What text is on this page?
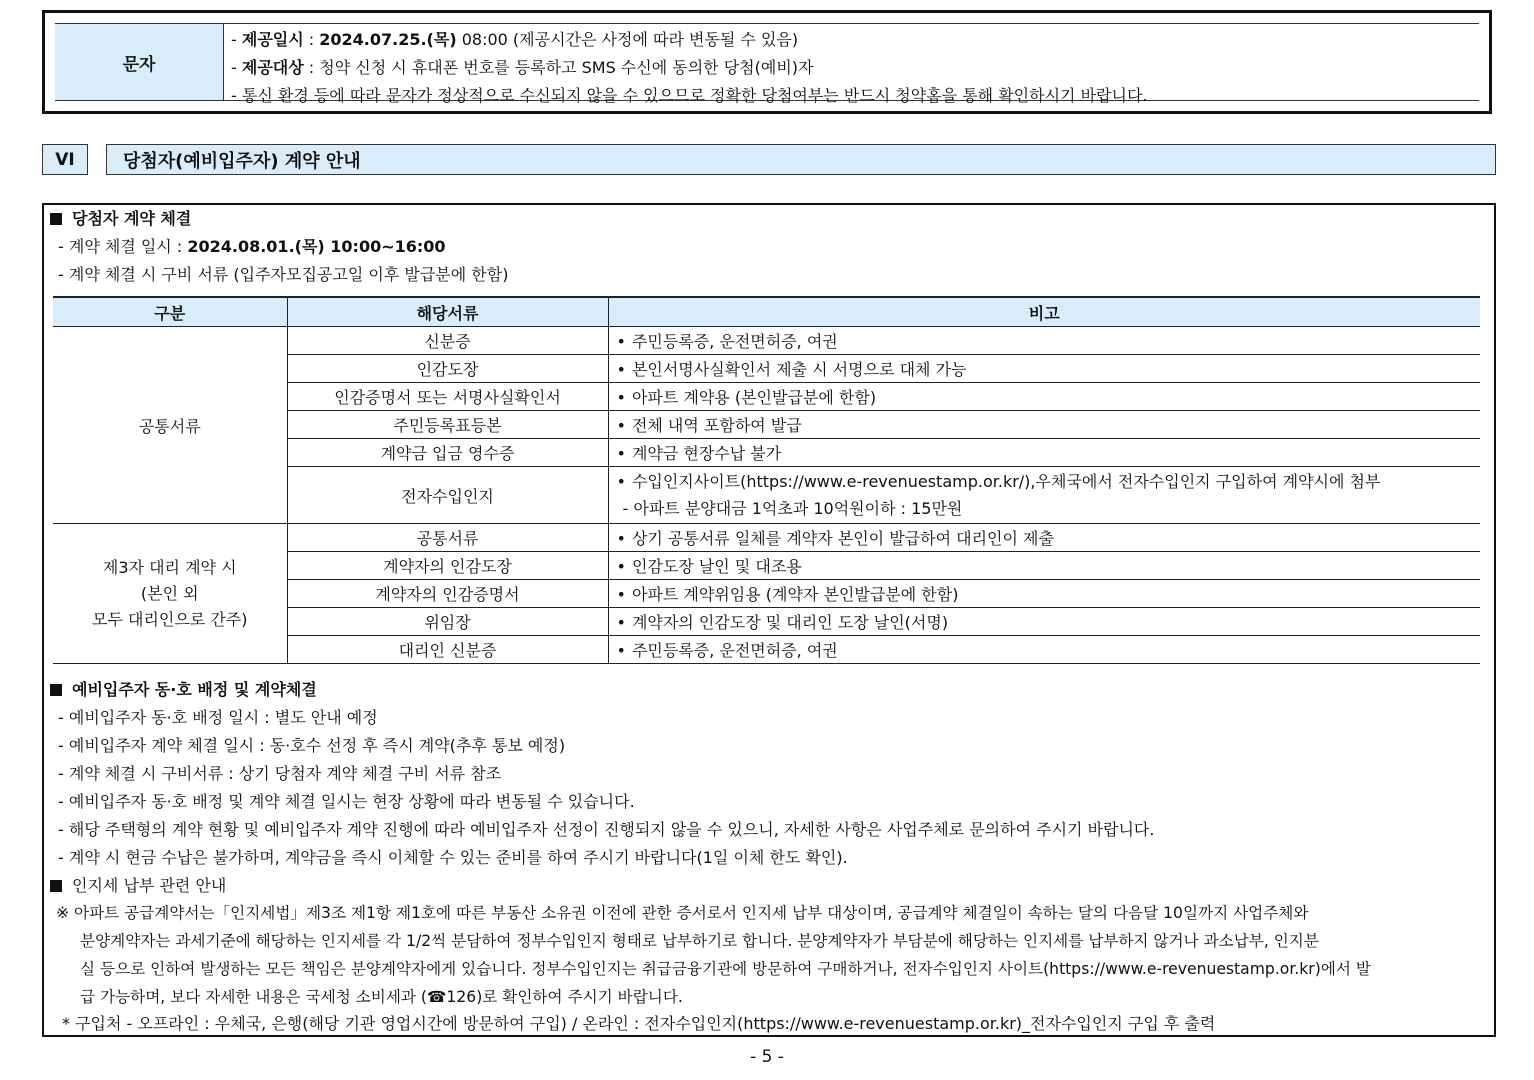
문자
- 제공일시 : 2024.07.25.(목) 08:00 (제공시간은 사정에 따라 변동될 수 있음)
- 제공대상 : 청약 신청 시 휴대폰 번호를 등록하고 SMS 수신에 동의한 당첨(예비)자
- 통신 환경 등에 따라 문자가 정상적으로 수신되지 않을 수 있으므로 정확한 당첨여부는 반드시 청약홈을 통해 확인하시기 바랍니다.
VI	당첨자(예비입주자) 계약 안내
당첨자 계약 체결
- 계약 체결 일시 : 2024.08.01.(목) 10:00~16:00
- 계약 체결 시 구비 서류 (입주자모집공고일 이후 발급분에 한함)
구분	해당서류	비고
공통서류	신분증	• 주민등록증, 운전면허증, 여권
	인감도장	• 본인서명사실확인서 제출 시 서명으로 대체 가능
	인감증명서 또는 서명사실확인서	• 아파트 계약용 (본인발급분에 한함)
	주민등록표등본	• 전체 내역 포함하여 발급
	계약금 입금 영수증	• 계약금 현장수납 불가
	전자수입인지	• 수입인지사이트(https://www.e-revenuestamp.or.kr/),우체국에서 전자수입인지 구입하여 계약시에 첨부
- 아파트 분양대금 1억초과 10억원이하 : 15만원

제3자 대리 계약 시
(본인 외
모두 대리인으로 간주)	공통서류	• 상기 공통서류 일체를 계약자 본인이 발급하여 대리인이 제출
	계약자의 인감도장	• 인감도장 날인 및 대조용
	계약자의 인감증명서	• 아파트 계약위임용 (계약자 본인발급분에 한함)
	위임장	• 계약자의 인감도장 및 대리인 도장 날인(서명)
	대리인 신분증	• 주민등록증, 운전면허증, 여권
예비입주자 동·호 배정 및 계약체결
- 예비입주자 동·호 배정 일시 : 별도 안내 예정
- 예비입주자 계약 체결 일시 : 동·호수 선정 후 즉시 계약(추후 통보 예정)
- 계약 체결 시 구비서류 : 상기 당첨자 계약 체결 구비 서류 참조
- 예비입주자 동·호 배정 및 계약 체결 일시는 현장 상황에 따라 변동될 수 있습니다.
- 해당 주택형의 계약 현황 및 예비입주자 계약 진행에 따라 예비입주자 선정이 진행되지 않을 수 있으니, 자세한 사항은 사업주체로 문의하여 주시기 바랍니다.
- 계약 시 현금 수납은 불가하며, 계약금을 즉시 이체할 수 있는 준비를 하여 주시기 바랍니다(1일 이체 한도 확인).
인지세 납부 관련 안내
※ 아파트 공급계약서는「인지세법」제3조 제1항 제1호에 따른 부동산 소유권 이전에 관한 증서로서 인지세 납부 대상이며, 공급계약 체결일이 속하는 달의 다음달 10일까지 사업주체와
분양계약자는 과세기준에 해당하는 인지세를 각 1/2씩 분담하여 정부수입인지 형태로 납부하기로 합니다. 분양계약자가 부담분에 해당하는 인지세를 납부하지 않거나 과소납부, 인지분
실 등으로 인하여 발생하는 모든 책임은 분양계약자에게 있습니다. 정부수입인지는 취급금융기관에 방문하여 구매하거나, 전자수입인지 사이트(https://www.e-revenuestamp.or.kr)에서 발
급 가능하며, 보다 자세한 내용은 국세청 소비세과 (☎126)로 확인하여 주시기 바랍니다.
* 구입처 - 오프라인 : 우체국, 은행(해당 기관 영업시간에 방문하여 구입) / 온라인 : 전자수입인지(https://www.e-revenuestamp.or.kr)_전자수입인지 구입 후 출력
- 5 -
